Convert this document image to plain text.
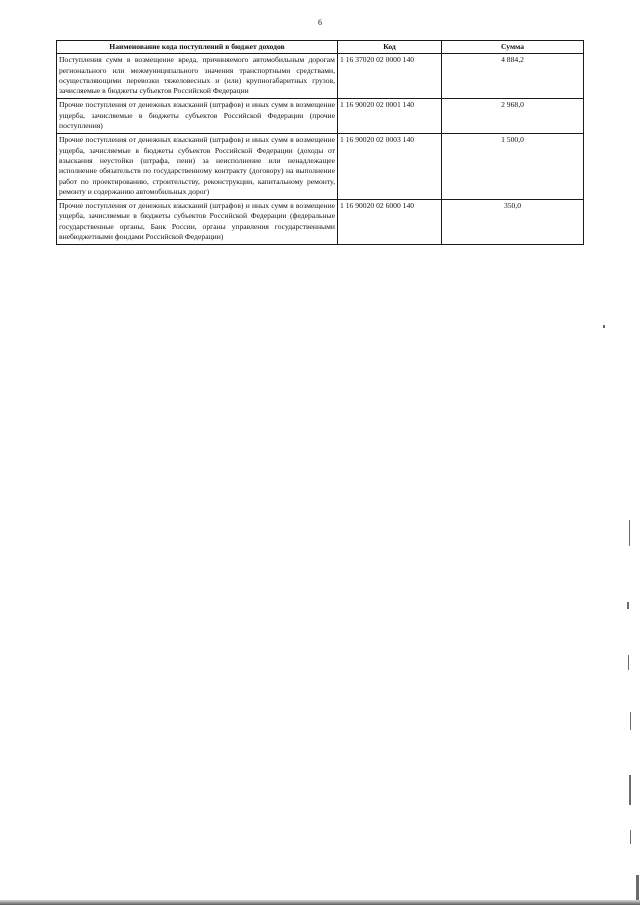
6
Наименование кода поступлений в бюджет доходов	Код	Сумма
Поступления сумм в возмещение вреда, причиняемого автомобильным дорогам регионального или межмуниципального значения транспортными средствами, осуществляющими перевозки тяжеловесных и (или) крупногабаритных грузов, зачисляемые в бюджеты субъектов Российской Федерации	1 16 37020 02 0000 140	4 884,2
Прочие поступления от денежных взысканий (штрафов) и иных сумм в возмещение ущерба, зачисляемые в бюджеты субъектов Российской Федерации (прочие поступления)	1 16 90020 02 0001 140	2 968,0
Прочие поступления от денежных взысканий (штрафов) и иных сумм в возмещение ущерба, зачисляемые в бюджеты субъектов Российской Федерации (доходы от взыскания неустойки (штрафа, пени) за неисполнение или ненадлежащее исполнение обязательств по государственному контракту (договору) на выполнение работ по проектированию, строительству, реконструкции, капитальному ремонту, ремонту и содержанию автомобильных дорог)	1 16 90020 02 0003 140	1 500,0
Прочие поступления от денежных взысканий (штрафов) и иных сумм в возмещение ущерба, зачисляемые в бюджеты субъектов Российской Федерации (федеральные государственные органы, Банк России, органы управления государственными внебюджетными фондами Российской Федерации)	1 16 90020 02 6000 140	350,0
